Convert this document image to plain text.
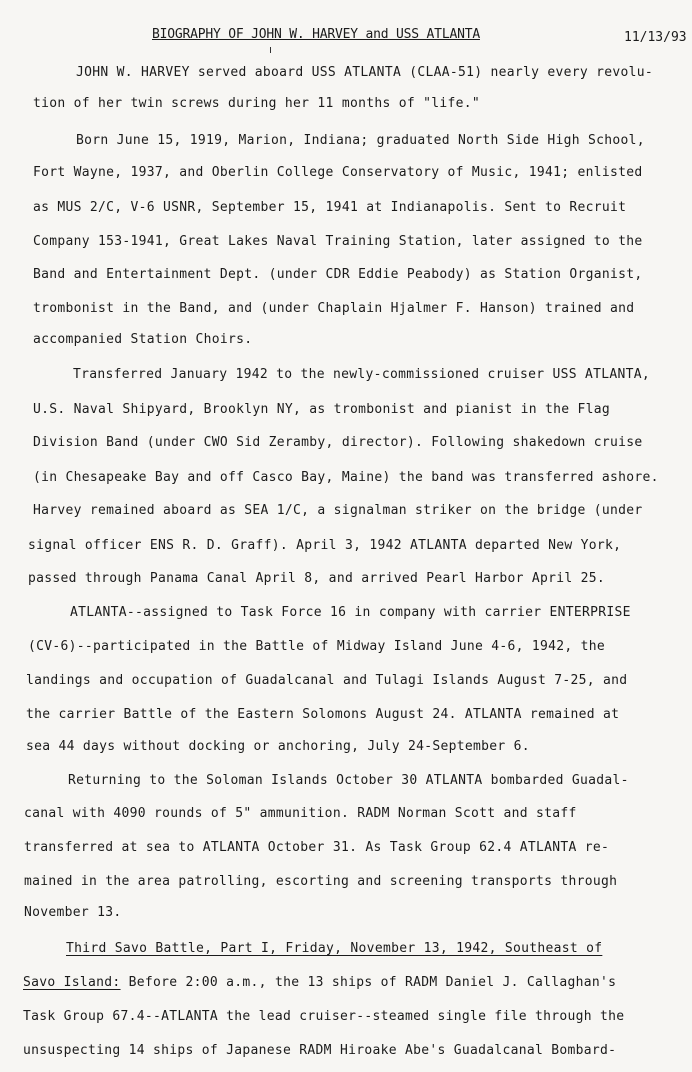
BIOGRAPHY OF JOHN W. HARVEY and USS ATLANTA	11/13/93
JOHN W. HARVEY served aboard USS ATLANTA (CLAA-51) nearly every revolu-
tion of her twin screws during her 11 months of "life."
Born June 15, 1919, Marion, Indiana; graduated North Side High School,
Fort Wayne, 1937, and Oberlin College Conservatory of Music, 1941; enlisted
as MUS 2/C, V-6 USNR, September 15, 1941 at Indianapolis. Sent to Recruit
Company 153-1941, Great Lakes Naval Training Station, later assigned to the
Band and Entertainment Dept. (under CDR Eddie Peabody) as Station Organist,
trombonist in the Band, and (under Chaplain Hjalmer F. Hanson) trained and
accompanied Station Choirs.
Transferred January 1942 to the newly-commissioned cruiser USS ATLANTA,
U.S. Naval Shipyard, Brooklyn NY, as trombonist and pianist in the Flag
Division Band (under CWO Sid Zeramby, director). Following shakedown cruise
(in Chesapeake Bay and off Casco Bay, Maine) the band was transferred ashore.
Harvey remained aboard as SEA 1/C, a signalman striker on the bridge (under
signal officer ENS R. D. Graff). April 3, 1942 ATLANTA departed New York,
passed through Panama Canal April 8, and arrived Pearl Harbor April 25.
ATLANTA--assigned to Task Force 16 in company with carrier ENTERPRISE
(CV-6)--participated in the Battle of Midway Island June 4-6, 1942, the
landings and occupation of Guadalcanal and Tulagi Islands August 7-25, and
the carrier Battle of the Eastern Solomons August 24. ATLANTA remained at
sea 44 days without docking or anchoring, July 24-September 6.
Returning to the Soloman Islands October 30 ATLANTA bombarded Guadal-
canal with 4090 rounds of 5" ammunition. RADM Norman Scott and staff
transferred at sea to ATLANTA October 31. As Task Group 62.4 ATLANTA re-
mained in the area patrolling, escorting and screening transports through
November 13.
Third Savo Battle, Part I, Friday, November 13, 1942, Southeast of
Savo Island: Before 2:00 a.m., the 13 ships of RADM Daniel J. Callaghan's
Task Group 67.4--ATLANTA the lead cruiser--steamed single file through the
unsuspecting 14 ships of Japanese RADM Hiroake Abe's Guadalcanal Bombard-
